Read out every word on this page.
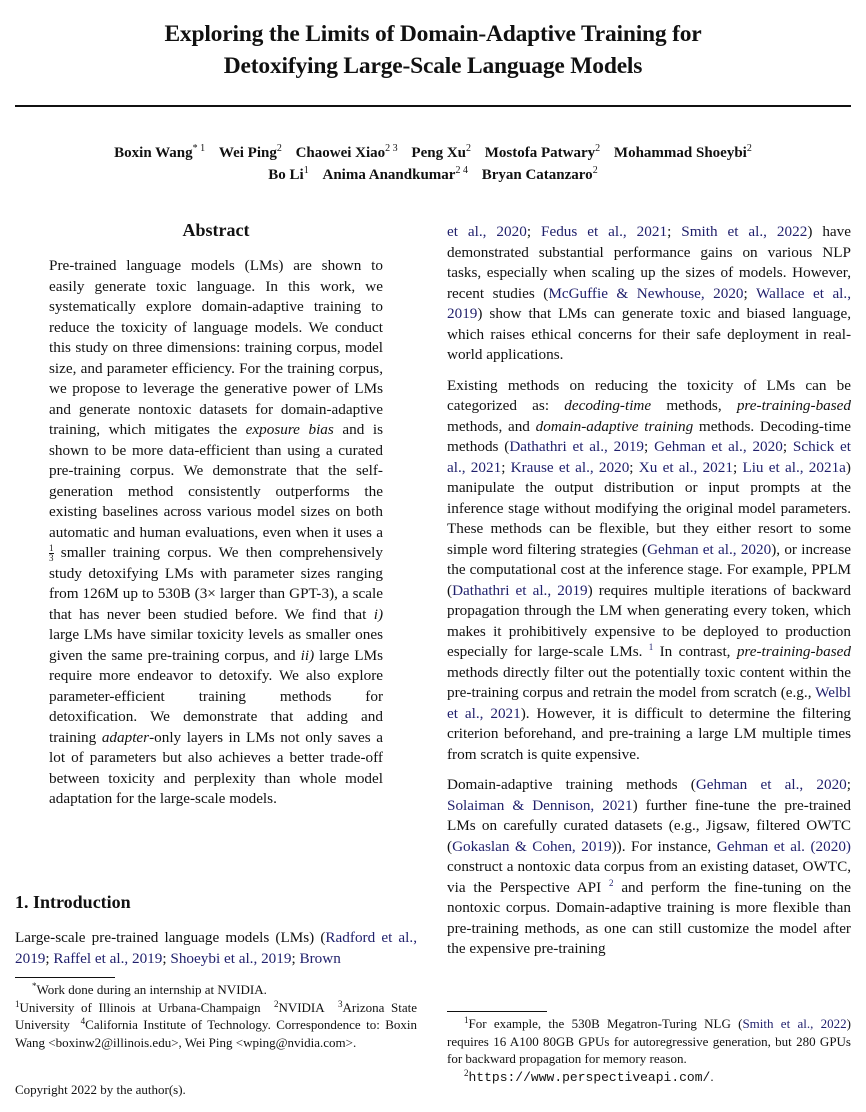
Exploring the Limits of Domain-Adaptive Training for
Detoxifying Large-Scale Language Models
Boxin Wang$^{* 1}$ Wei Ping$^2$ Chaowei Xiao$^{2 3}$ Peng Xu$^2$ Mostofa Patwary$^2$ Mohammad Shoeybi$^2$
Bo Li$^1$ Anima Anandkumar$^{2 4}$ Bryan Catanzaro$^2$
Abstract
Pre-trained language models (LMs) are shown to easily generate toxic language. In this work, we systematically explore domain-adaptive training to reduce the toxicity of language models. We conduct this study on three dimensions: training corpus, model size, and parameter efficiency. For the training corpus, we propose to leverage the generative power of LMs and generate nontoxic datasets for domain-adaptive training, which mitigates the exposure bias and is shown to be more data-efficient than using a curated pre-training corpus. We demonstrate that the self-generation method consistently outperforms the existing baselines across various model sizes on both automatic and human evaluations, even when it uses a
$\frac{1}{3}$ smaller training corpus. We then comprehensively study detoxifying LMs with parameter sizes ranging from 126M up to 530B (3× larger than GPT-3), a scale that has never been studied before. We find that i) large LMs have similar toxicity levels as smaller ones given the same pre-training corpus, and ii) large LMs require more endeavor to detoxify. We also explore parameter-efficient training methods for detoxification. We demonstrate that adding and training adapter-only layers in LMs not only saves a lot of parameters but also achieves a better trade-off between toxicity and perplexity than whole model adaptation for the large-scale models.
1. Introduction
Large-scale pre-trained language models (LMs) (Radford et al., 2019; Raffel et al., 2019; Shoeybi et al., 2019; Brown
*Work done during an internship at NVIDIA.
$^1$University of Illinois at Urbana-Champaign $^2$NVIDIA $^3$Arizona State University $^4$California Institute of Technology. Correspondence to: Boxin Wang <boxinw2@illinois.edu>, Wei Ping <wping@nvidia.com>.
Copyright 2022 by the author(s).

et al., 2020; Fedus et al., 2021; Smith et al., 2022) have demonstrated substantial performance gains on various NLP tasks, especially when scaling up the sizes of models. However, recent studies (McGuffie & Newhouse, 2020; Wallace et al., 2019) show that LMs can generate toxic and biased language, which raises ethical concerns for their safe deployment in real-world applications.

Existing methods on reducing the toxicity of LMs can be categorized as: decoding-time methods, pre-training-based methods, and domain-adaptive training methods. Decoding-time methods (Dathathri et al., 2019; Gehman et al., 2020; Schick et al., 2021; Krause et al., 2020; Xu et al., 2021; Liu et al., 2021a) manipulate the output distribution or input prompts at the inference stage without modifying the original model parameters. These methods can be flexible, but they either resort to some simple word filtering strategies (Gehman et al., 2020), or increase the computational cost at the inference stage. For example, PPLM (Dathathri et al., 2019) requires multiple iterations of backward propagation through the LM when generating every token, which makes it prohibitively expensive to be deployed to production especially for large-scale LMs. $^1$ In contrast, pre-training-based methods directly filter out the potentially toxic content within the pre-training corpus and retrain the model from scratch (e.g., Welbl et al., 2021). However, it is difficult to determine the filtering criterion beforehand, and pre-training a large LM multiple times from scratch is quite expensive.

Domain-adaptive training methods (Gehman et al., 2020; Solaiman & Dennison, 2021) further fine-tune the pre-trained LMs on carefully curated datasets (e.g., Jigsaw, filtered OWTC (Gokaslan & Cohen, 2019)). For instance, Gehman et al. (2020) construct a nontoxic data corpus from an existing dataset, OWTC, via the Perspective API $^2$ and perform the fine-tuning on the nontoxic corpus. Domain-adaptive training is more flexible than pre-training methods, as one can still customize the model after the expensive pre-training

$^1$For example, the 530B Megatron-Turing NLG (Smith et al., 2022) requires 16 A100 80GB GPUs for autoregressive generation, but 280 GPUs for backward propagation for memory reason.
$^2$https://www.perspectiveapi.com/.
